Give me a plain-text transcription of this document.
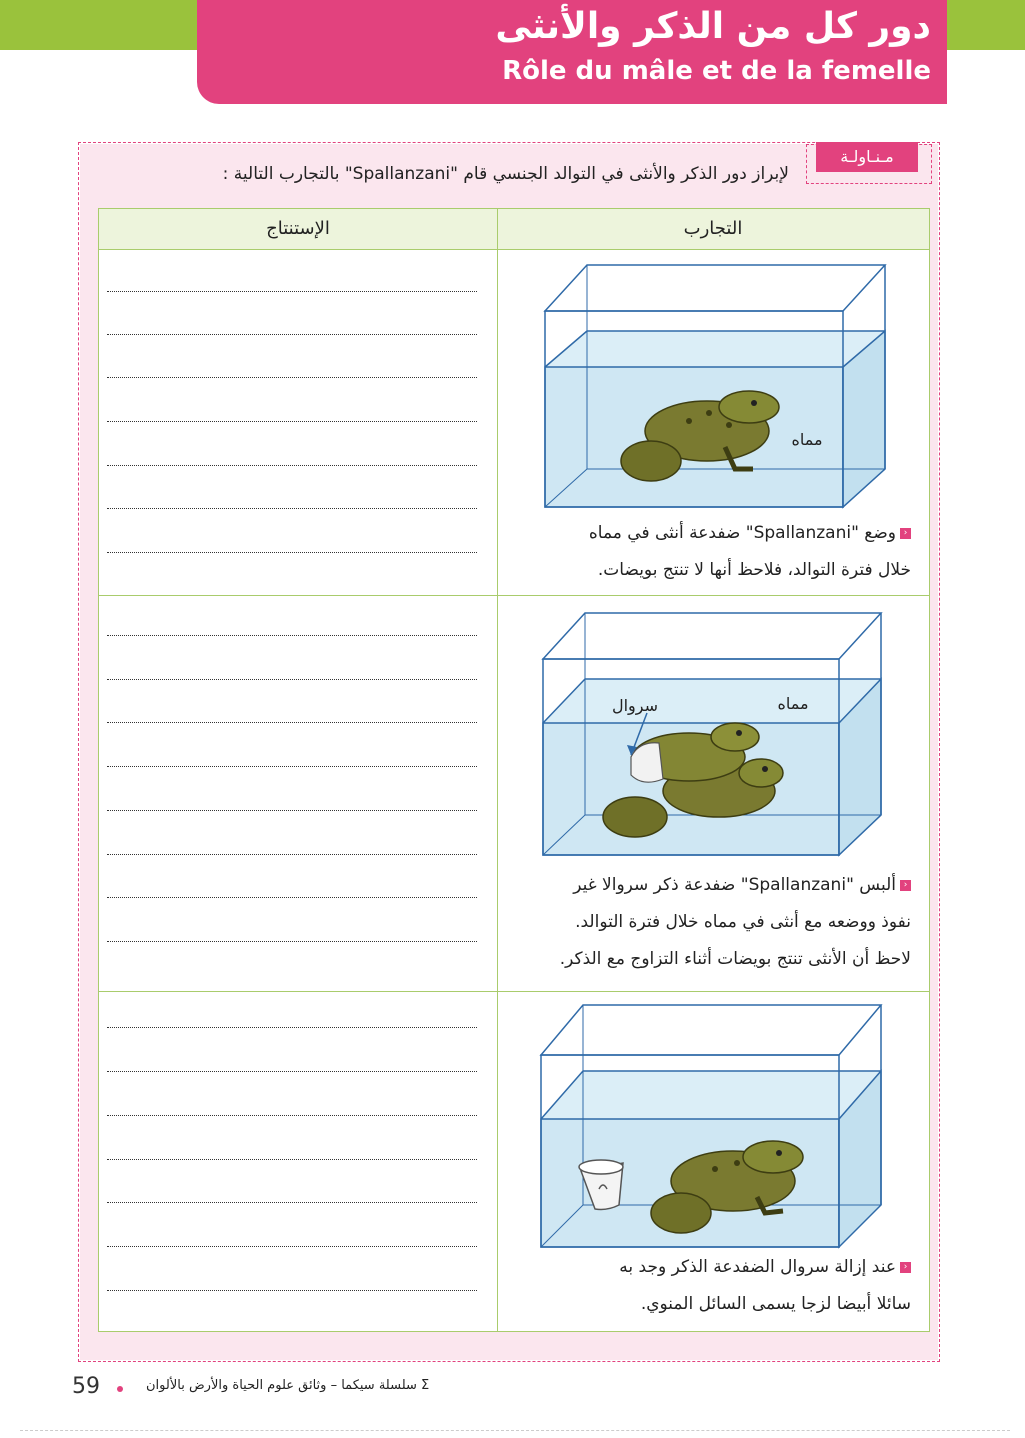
دور كل من الذكر والأنثى
Rôle du mâle et de la femelle
مـنـاولـة
لإبراز دور الذكر والأنثى في التوالد الجنسي قام "Spallanzani" بالتجارب التالية :
الإستنتاج	التجارب
مماه
‹وضع "Spallanzani" ضفدعة أنثى في مماه
خلال فترة التوالد، فلاحظ أنها لا تنتج بويضات.
سروال	مماه
‹ألبس "Spallanzani" ضفدعة ذكر سروالا غير
نفوذ ووضعه مع أنثى في مماه خلال فترة التوالد.
لاحظ أن الأنثى تنتج بويضات أثناء التزاوج مع الذكر.
‹عند إزالة سروال الضفدعة الذكر وجد به
سائلا أبيضا لزجا يسمى السائل المنوي.
59	Σ سلسلة سيكما – وثائق علوم الحياة والأرض بالألوان
